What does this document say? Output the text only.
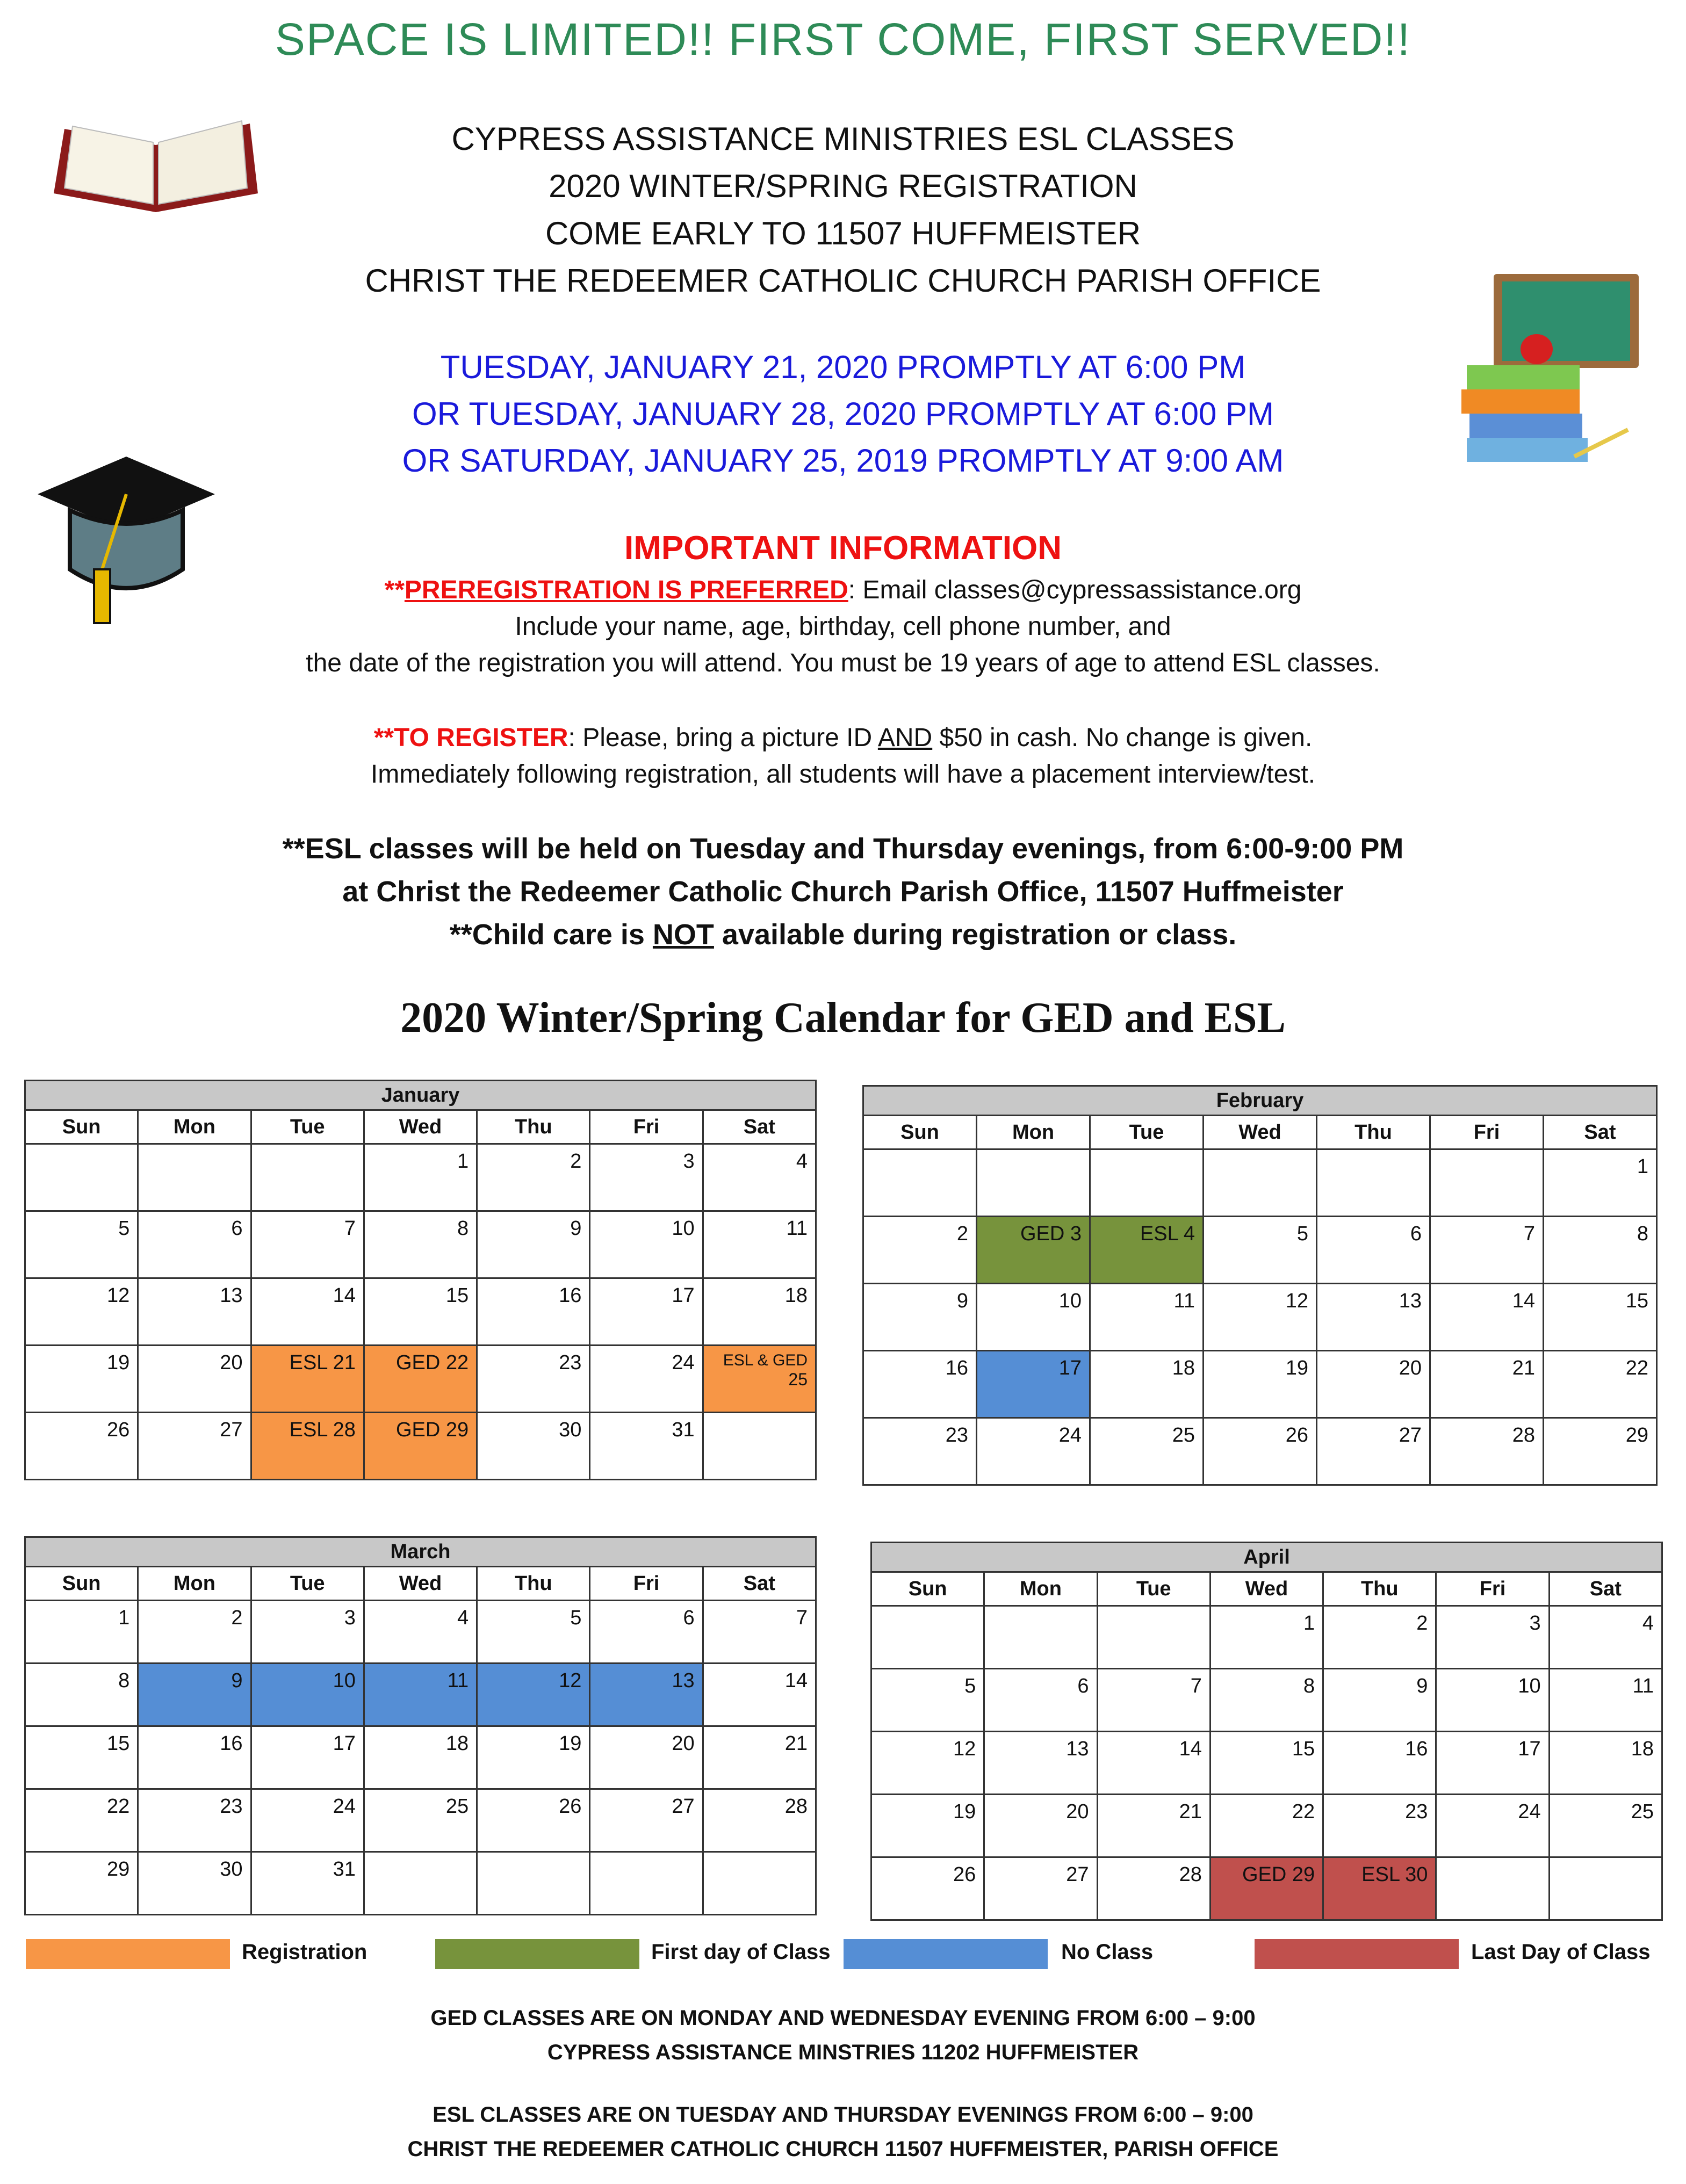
SPACE IS LIMITED!! FIRST COME, FIRST SERVED!!
CYPRESS ASSISTANCE MINISTRIES ESL CLASSES
2020 WINTER/SPRING REGISTRATION
COME EARLY TO 11507 HUFFMEISTER
CHRIST THE REDEEMER CATHOLIC CHURCH PARISH OFFICE
TUESDAY, JANUARY 21, 2020 PROMPTLY AT 6:00 PM
OR TUESDAY, JANUARY 28, 2020 PROMPTLY AT 6:00 PM
OR SATURDAY, JANUARY 25, 2019 PROMPTLY AT 9:00 AM
IMPORTANT INFORMATION
**PREREGISTRATION IS PREFERRED: Email classes@cypressassistance.org
Include your name, age, birthday, cell phone number, and
the date of the registration you will attend. You must be 19 years of age to attend ESL classes.
**TO REGISTER: Please, bring a picture ID AND $50 in cash. No change is given.
Immediately following registration, all students will have a placement interview/test.
**ESL classes will be held on Tuesday and Thursday evenings, from 6:00-9:00 PM
at Christ the Redeemer Catholic Church Parish Office, 11507 Huffmeister
**Child care is NOT available during registration or class.
2020 Winter/Spring Calendar for GED and ESL
January						
Sun	Mon	Tue	Wed	Thu	Fri	Sat
			1	2	3	4
5	6	7	8	9	10	11
12	13	14	15	16	17	18
19	20	ESL 21	GED 22	23	24	ESL & GED
25

26	27	ESL 28	GED 29	30	31	
February						
Sun	Mon	Tue	Wed	Thu	Fri	Sat
						1
2	GED 3	ESL 4	5	6	7	8
9	10	11	12	13	14	15
16	17	18	19	20	21	22
23	24	25	26	27	28	29
March						
Sun	Mon	Tue	Wed	Thu	Fri	Sat
1	2	3	4	5	6	7
8	9	10	11	12	13	14
15	16	17	18	19	20	21
22	23	24	25	26	27	28
29	30	31				
April						
Sun	Mon	Tue	Wed	Thu	Fri	Sat
			1	2	3	4
5	6	7	8	9	10	11
12	13	14	15	16	17	18
19	20	21	22	23	24	25
26	27	28	GED 29	ESL 30		
Registration	First day of Class	No Class	Last Day of Class
GED CLASSES ARE ON MONDAY AND WEDNESDAY EVENING FROM 6:00 – 9:00
CYPRESS ASSISTANCE MINSTRIES 11202 HUFFMEISTER
ESL CLASSES ARE ON TUESDAY AND THURSDAY EVENINGS FROM 6:00 – 9:00
CHRIST THE REDEEMER CATHOLIC CHURCH 11507 HUFFMEISTER, PARISH OFFICE
